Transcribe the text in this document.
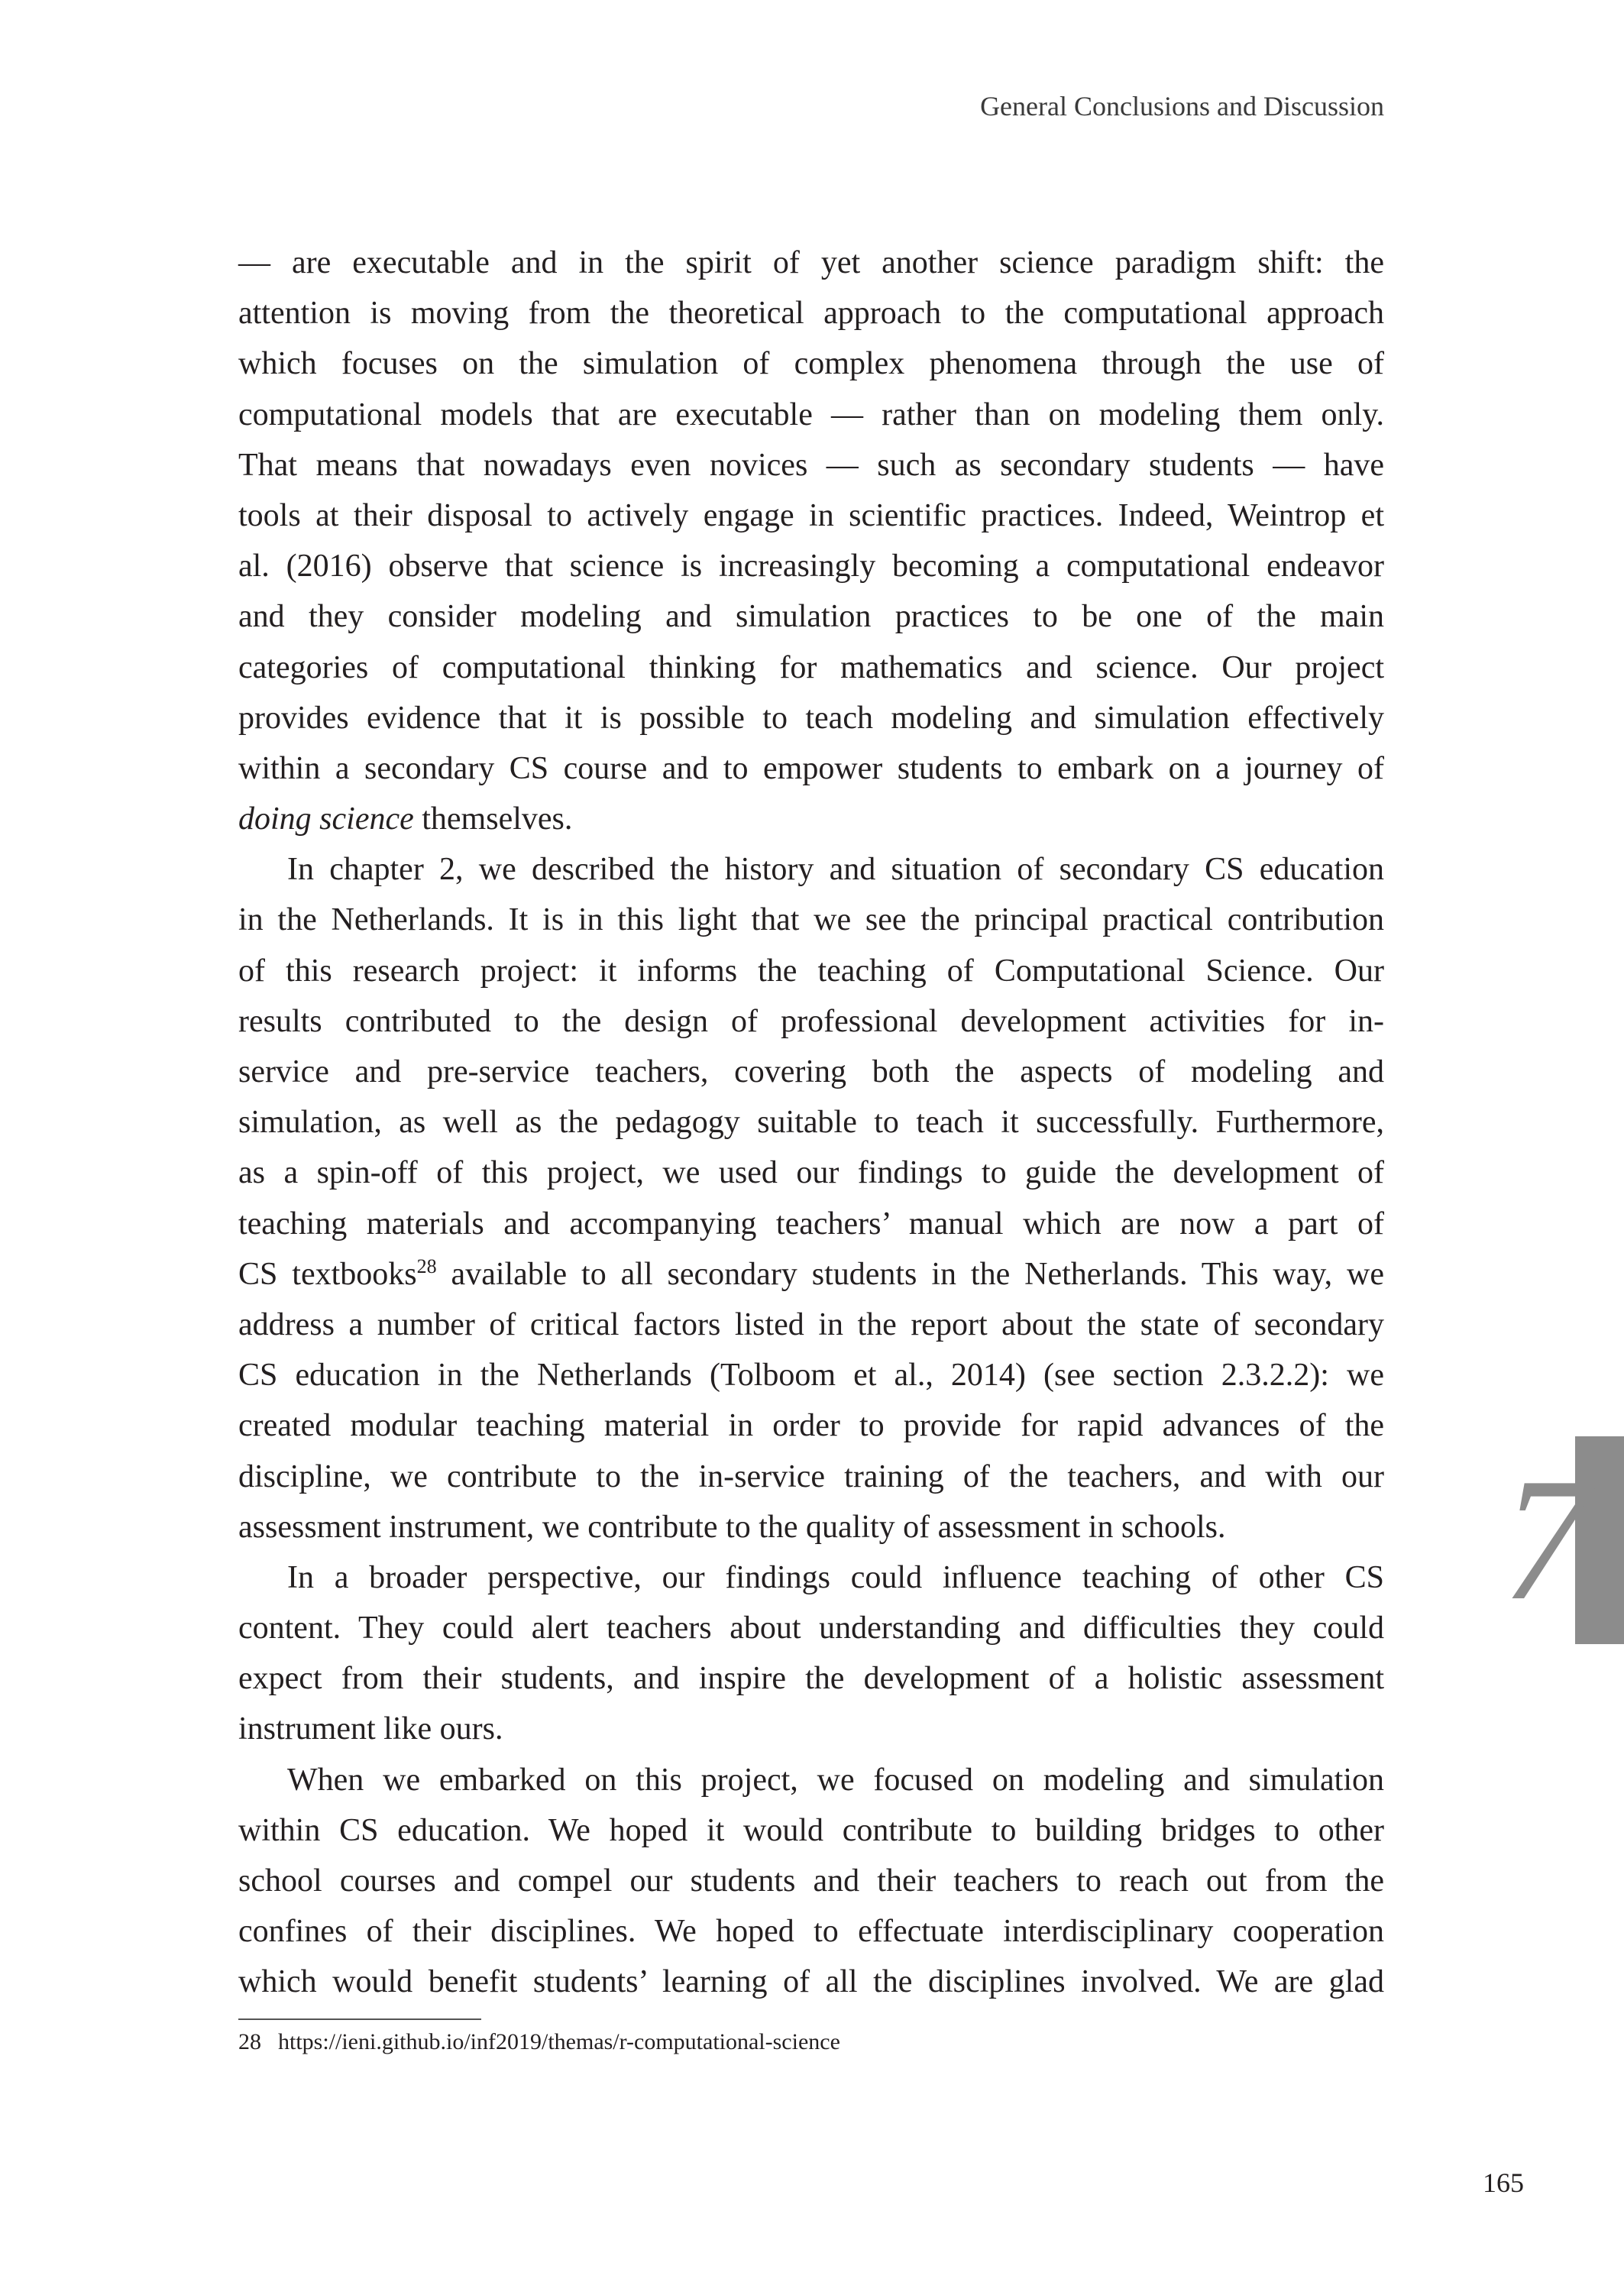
General Conclusions and Discussion
— are executable and in the spirit of yet another science paradigm shift: the
attention is moving from the theoretical approach to the computational approach
which focuses on the simulation of complex phenomena through the use of
computational models that are executable — rather than on modeling them only.
That means that nowadays even novices — such as secondary students — have
tools at their disposal to actively engage in scientific practices. Indeed, Weintrop et
al. (2016) observe that science is increasingly becoming a computational endeavor
and they consider modeling and simulation practices to be one of the main
categories of computational thinking for mathematics and science. Our project
provides evidence that it is possible to teach modeling and simulation effectively
within a secondary CS course and to empower students to embark on a journey of
doing science themselves.
In chapter 2, we described the history and situation of secondary CS education
in the Netherlands. It is in this light that we see the principal practical contribution
of this research project: it informs the teaching of Computational Science. Our
results contributed to the design of professional development activities for in-
service and pre-service teachers, covering both the aspects of modeling and
simulation, as well as the pedagogy suitable to teach it successfully. Furthermore,
as a spin-off of this project, we used our findings to guide the development of
teaching materials and accompanying teachers’ manual which are now a part of
CS textbooks$^{28}$ available to all secondary students in the Netherlands. This way, we
address a number of critical factors listed in the report about the state of secondary
CS education in the Netherlands (Tolboom et al., 2014) (see section 2.3.2.2): we
created modular teaching material in order to provide for rapid advances of the
discipline, we contribute to the in-service training of the teachers, and with our
assessment instrument, we contribute to the quality of assessment in schools.
In a broader perspective, our findings could influence teaching of other CS
content. They could alert teachers about understanding and difficulties they could
expect from their students, and inspire the development of a holistic assessment
instrument like ours.
When we embarked on this project, we focused on modeling and simulation
within CS education. We hoped it would contribute to building bridges to other
school courses and compel our students and their teachers to reach out from the
confines of their disciplines. We hoped to effectuate interdisciplinary cooperation
which would benefit students’ learning of all the disciplines involved. We are glad
28 https://ieni.github.io/inf2019/themas/r-computational-science
7
165
